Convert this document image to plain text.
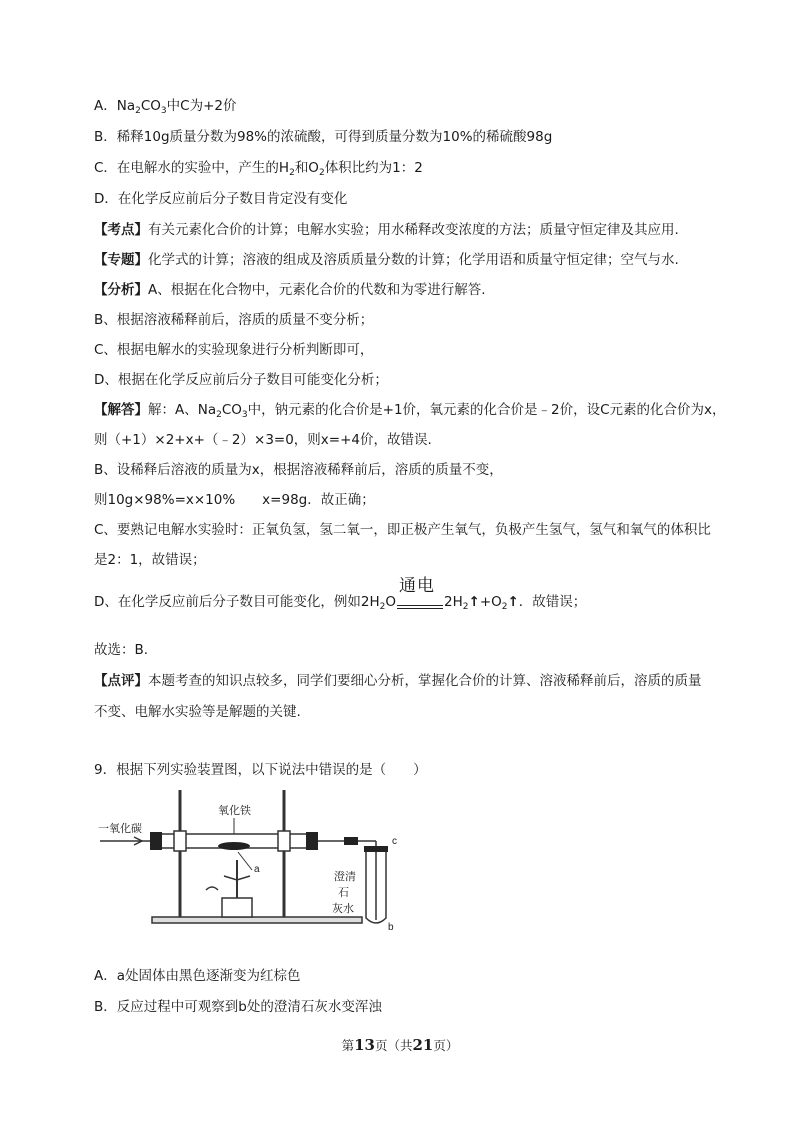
A．$Na_2CO_3$中C为+2价
B．稀释10g质量分数为98%的浓硫酸，可得到质量分数为10%的稀硫酸98g
C．在电解水的实验中，产生的$H_2$和$O_2$体积比约为1：2
D．在化学反应前后分子数目肯定没有变化
【考点】有关元素化合价的计算；电解水实验；用水稀释改变浓度的方法；质量守恒定律及其应用.
【专题】化学式的计算；溶液的组成及溶质质量分数的计算；化学用语和质量守恒定律；空气与水.
【分析】A、根据在化合物中，元素化合价的代数和为零进行解答.
B、根据溶液稀释前后，溶质的质量不变分析；
C、根据电解水的实验现象进行分析判断即可，
D、根据在化学反应前后分子数目可能变化分析；
【解答】解：A、$Na_2CO_3$中，钠元素的化合价是+1价，氧元素的化合价是﹣2价，设C元素的化合价为x，
则（+1）×2+x+（﹣2）×3=0，则x=+4价，故错误.
B、设稀释后溶液的质量为x，根据溶液稀释前后，溶质的质量不变，
则10g×98%=x×10%　　x=98g．故正确；
C、要熟记电解水实验时：正氧负氢，氢二氧一，即正极产生氧气，负极产生氢气，氢气和氧气的体积比
是2：1，故错误；
D、在化学反应前后分子数目可能变化，例如$2H_2O$
通电
$2H_2↑+O_2↑$．故错误；
故选：B.
【点评】本题考查的知识点较多，同学们要细心分析，掌握化合价的计算、溶液稀释前后，溶质的质量
不变、电解水实验等是解题的关键.
9．根据下列实验装置图，以下说法中错误的是（　　）
一氧化碳
氧化铁
a
c
b
澄清
石
灰水
A．a处固体由黑色逐渐变为红棕色
B．反应过程中可观察到b处的澄清石灰水变浑浊
第13页（共21页）
